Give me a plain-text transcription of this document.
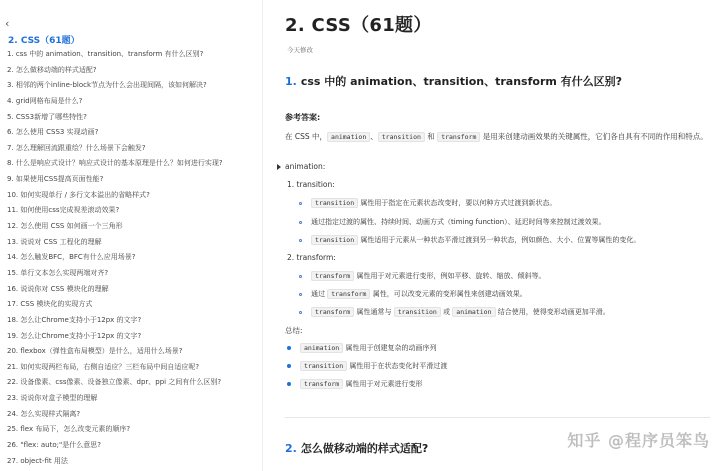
‹
2. CSS（61题）
1. css 中的 animation、transition、transform 有什么区别?
2. 怎么做移动端的样式适配?
3. 相邻的两个inline-block节点为什么会出现间隔，该如何解决?
4. grid网格布局是什么?
5. CSS3新增了哪些特性?
6. 怎么使用 CSS3 实现动画?
7. 怎么理解回流跟重绘？什么场景下会触发?
8. 什么是响应式设计？响应式设计的基本原理是什么？如何进行实现?
9. 如果使用CSS提高页面性能?
10. 如何实现单行 / 多行文本溢出的省略样式?
11. 如何使用css完成视差滚动效果?
12. 怎么使用 CSS 如何画一个三角形
13. 说说对 CSS 工程化的理解
14. 怎么触发BFC，BFC有什么应用场景?
15. 单行文本怎么实现两端对齐?
16. 说说你对 CSS 模块化的理解
17. CSS 模块化的实现方式
18. 怎么让Chrome支持小于12px 的文字?
19. 怎么让Chrome支持小于12px 的文字?
20. flexbox（弹性盒布局模型）是什么，适用什么场景?
21. 如何实现两栏布局，右侧自适应？三栏布局中间自适应呢?
22. 设备像素、css像素、设备独立像素、dpr、ppi 之间有什么区别?
23. 说说你对盒子模型的理解
24. 怎么实现样式隔离?
25. flex 布局下，怎么改变元素的顺序?
26. "flex: auto;"是什么意思?
27. object-fit 用法
2. CSS（61题）
今天修改
1. css 中的 animation、transition、transform 有什么区别?
参考答案:
在 CSS 中， animation 、 transition 和 transform 是用来创建动画效果的关键属性，它们各自具有不同的作用和特点。
animation:
1. transition:
transition 属性用于指定在元素状态改变时，要以何种方式过渡到新状态。
通过指定过渡的属性、持续时间、动画方式（timing function）、延迟时间等来控制过渡效果。
transition 属性适用于元素从一种状态平滑过渡到另一种状态，例如颜色、大小、位置等属性的变化。
2. transform:
transform 属性用于对元素进行变形，例如平移、旋转、缩放、倾斜等。
通过 transform 属性，可以改变元素的变形属性来创建动画效果。
transform 属性通常与 transition 或 animation 结合使用，使得变形动画更加平滑。
总结:
animation 属性用于创建复杂的动画序列
transition 属性用于在状态变化时平滑过渡
transform 属性用于对元素进行变形
2. 怎么做移动端的样式适配?	知乎 @程序员笨鸟
